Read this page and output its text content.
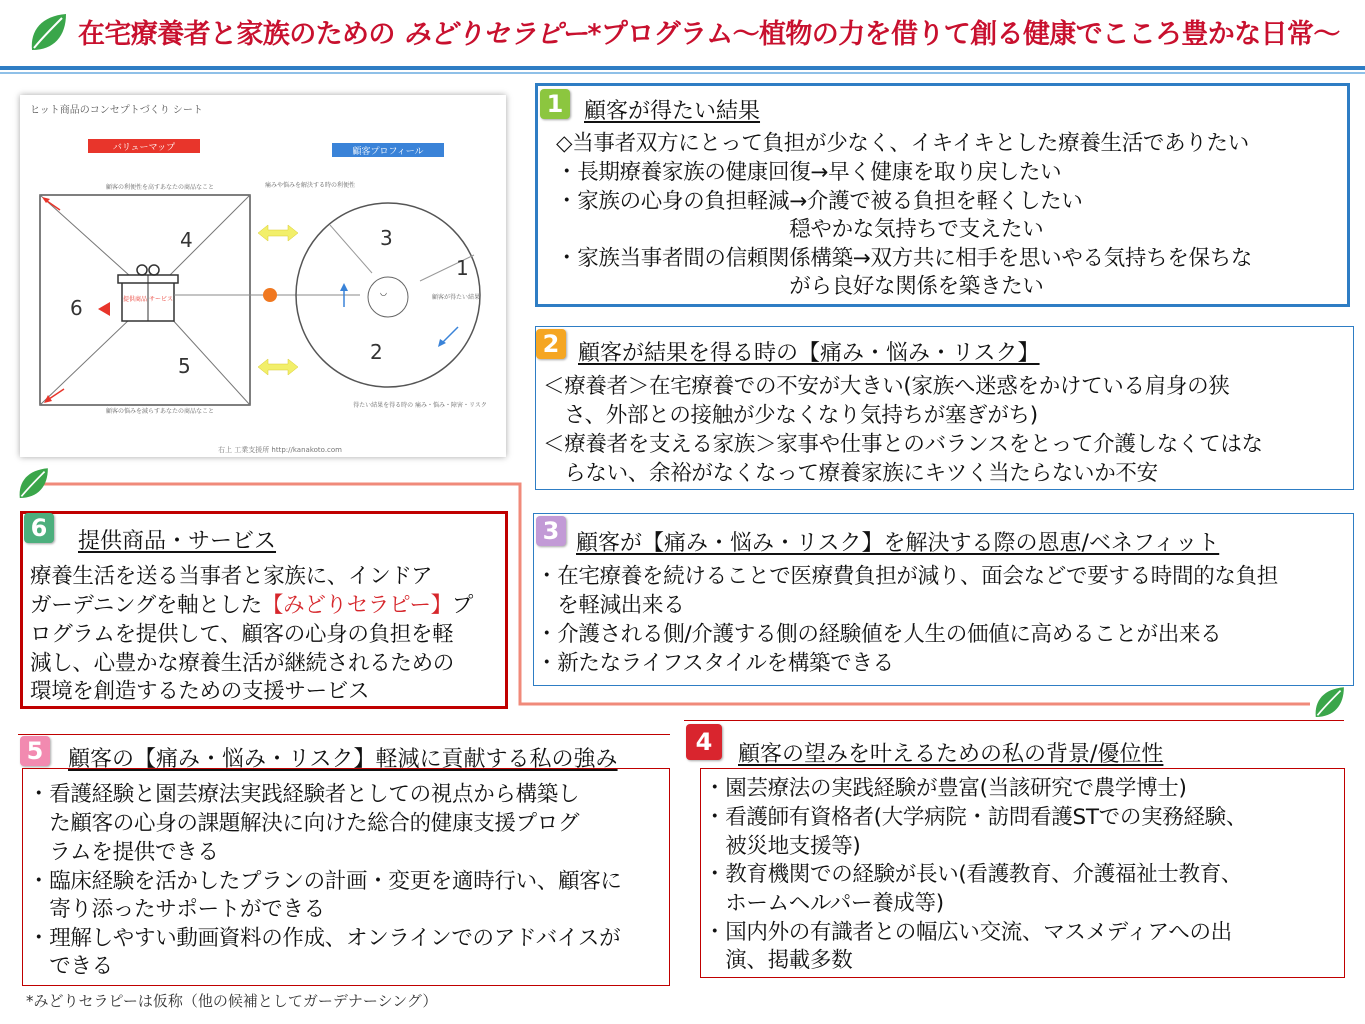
在宅療養者と家族のための みどりセラピー*プログラム〜植物の力を借りて創る健康でこころ豊かな日常〜
ヒット商品のコンセプトづくり シート
バリューマップ	顧客プロフィール
顧客の利便性を高すあなたの商品なこと	痛みや悩みを解決する時の利便性
提供商品 サービス
4
6
5
顧客の悩みを減らすあなたの商品なこと
◡
3
1
2
顧客が得たい結果
得たい結果を得る時の 痛み・悩み・障害・リスク
右上 工業支援所 http://kanakoto.com
1 顧客が得たい結果
◇当事者双方にとって負担が少なく、イキイキとした療養生活でありたい
・長期療養家族の健康回復→早く健康を取り戻したい
・家族の心身の負担軽減→介護で被る負担を軽くしたい
　　　　　　　　　　　穏やかな気持ちで支えたい
・家族当事者間の信頼関係構築→双方共に相手を思いやる気持ちを保ちな
　　　　　　　　　　　がら良好な関係を築きたい
2 顧客が結果を得る時の【痛み・悩み・リスク】
＜療養者＞在宅療養での不安が大きい(家族へ迷惑をかけている肩身の狭
　さ、外部との接触が少なくなり気持ちが塞ぎがち)
＜療養者を支える家族＞家事や仕事とのバランスをとって介護しなくてはな
　らない、余裕がなくなって療養家族にキツく当たらないか不安
3 顧客が【痛み・悩み・リスク】を解決する際の恩恵/ベネフィット
・在宅療養を続けることで医療費負担が減り、面会などで要する時間的な負担
　を軽減出来る
・介護される側/介護する側の経験値を人生の価値に高めることが出来る
・新たなライフスタイルを構築できる
6	提供商品・サービス
療養生活を送る当事者と家族に、インドア
ガーデニングを軸とした【みどりセラピー】プ
ログラムを提供して、顧客の心身の負担を軽
減し、心豊かな療養生活が継続されるための
環境を創造するための支援サービス
5	顧客の【痛み・悩み・リスク】軽減に貢献する私の強み
・看護経験と園芸療法実践経験者としての視点から構築し
　た顧客の心身の課題解決に向けた総合的健康支援プログ
　ラムを提供できる
・臨床経験を活かしたプランの計画・変更を適時行い、顧客に
　寄り添ったサポートができる
・理解しやすい動画資料の作成、オンラインでのアドバイスが
　できる
4	顧客の望みを叶えるための私の背景/優位性
・園芸療法の実践経験が豊富(当該研究で農学博士)
・看護師有資格者(大学病院・訪問看護STでの実務経験、
　被災地支援等)
・教育機関での経験が長い(看護教育、介護福祉士教育、
　ホームヘルパー養成等)
・国内外の有識者との幅広い交流、マスメディアへの出
　演、掲載多数
*みどりセラピーは仮称（他の候補としてガーデナーシング）
